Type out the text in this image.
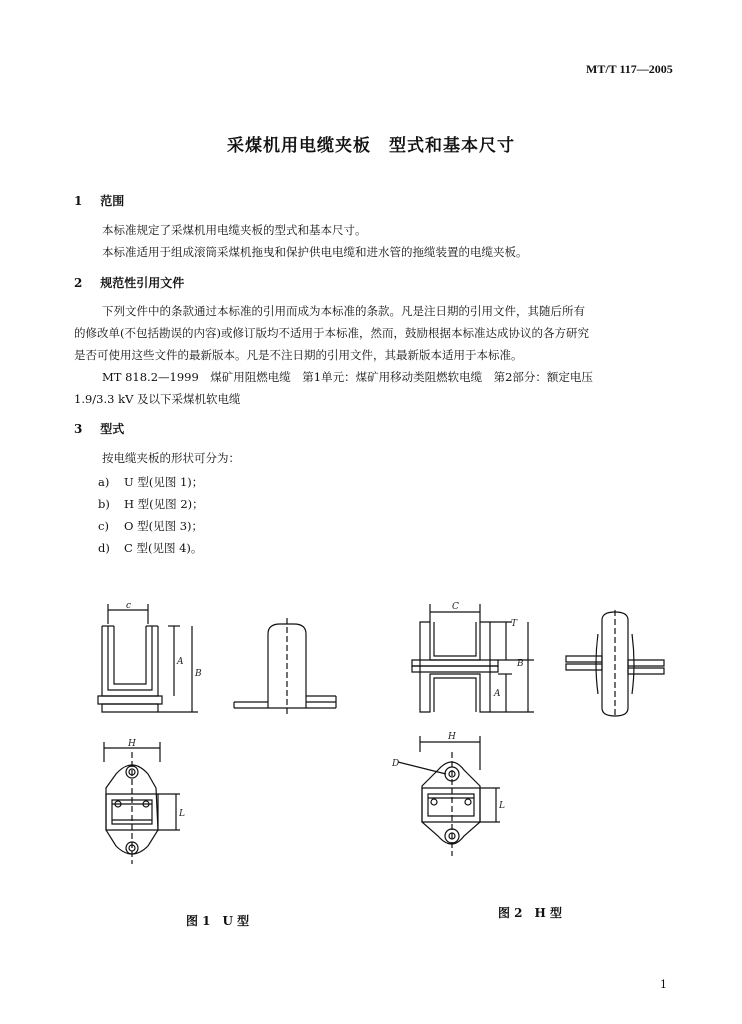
MT/T 117—2005
采煤机用电缆夹板　型式和基本尺寸
1 范围
本标准规定了采煤机用电缆夹板的型式和基本尺寸。
本标准适用于组成滚筒采煤机拖曳和保护供电电缆和进水管的拖缆装置的电缆夹板。
2 规范性引用文件
下列文件中的条款通过本标准的引用而成为本标准的条款。凡是注日期的引用文件，其随后所有
的修改单(不包括勘误的内容)或修订版均不适用于本标准，然而，鼓励根据本标准达成协议的各方研究
是否可使用这些文件的最新版本。凡是不注日期的引用文件，其最新版本适用于本标准。
MT 818.2—1999　煤矿用阻燃电缆　第1单元：煤矿用移动类阻燃软电缆　第2部分：额定电压
1.9/3.3 kV 及以下采煤机软电缆
3 型式
按电缆夹板的形状可分为：
a) U 型(见图 1)；
b) H 型(见图 2)；
c) O 型(见图 3)；
d) C 型(见图 4)。
c
A
B
H
L
图 1　U 型
C
T
B
A
H
D
L
图 2　H 型
1
